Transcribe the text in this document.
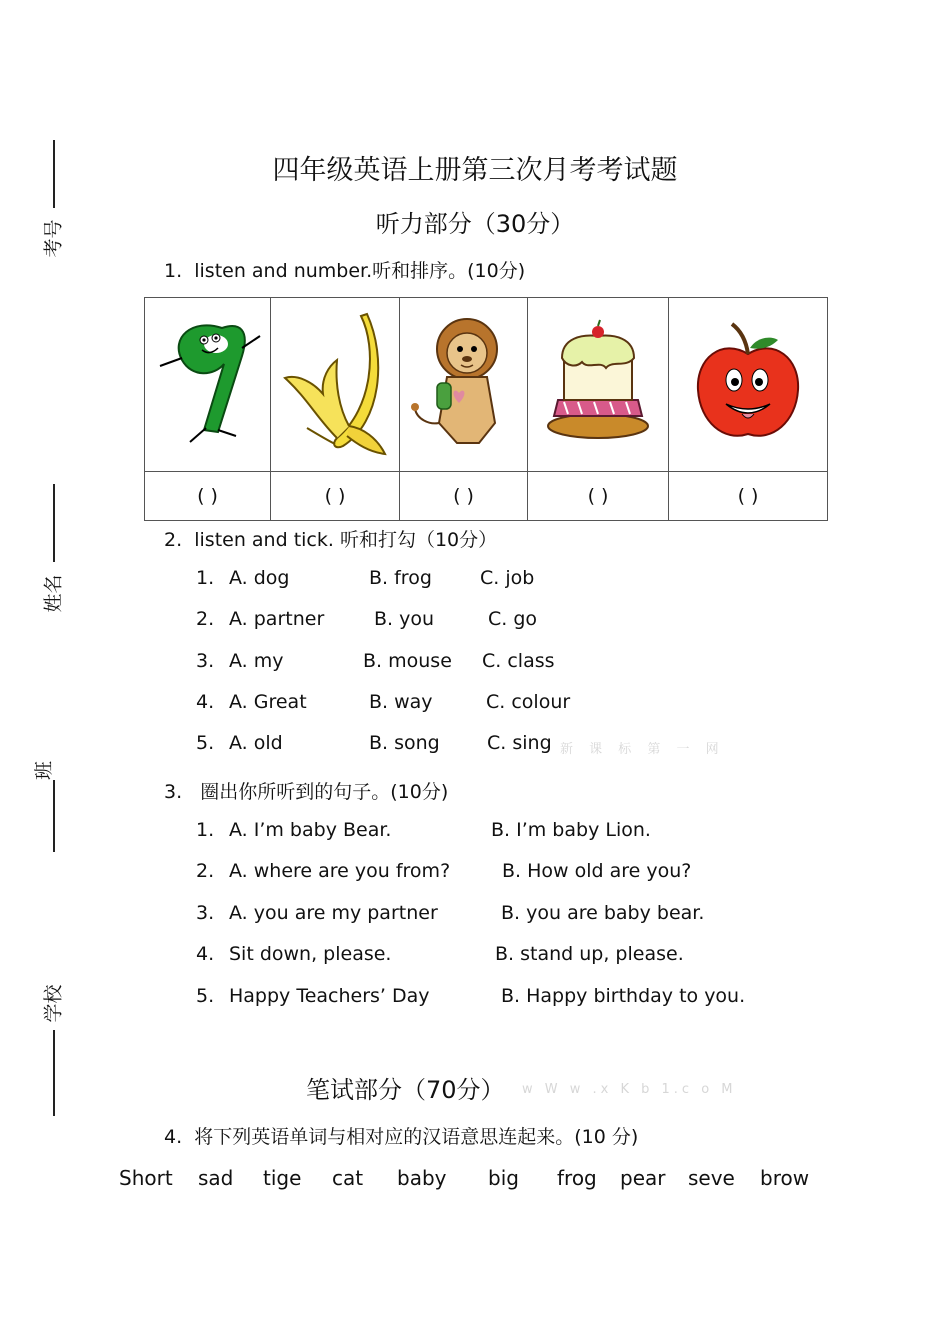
考号
姓名
班
学校
四年级英语上册第三次月考考试题
听力部分（30分）
1. listen and number.听和排序。(10分)

( )	( )	( )	( )	( )
2. listen and tick. 听和打勾（10分）
1. A. dog	B. frog	C. job
2. A. partner	B. you	C. go
3. A. my	B. mouse C. class
4. A. Great	B. way	C. colour
5. A. old	B. song C. sing 新 课 标 第 一 网
3. 圈出你所听到的句子。(10分)
1. A. I’m baby Bear.	B. I’m baby Lion.
2. A. where are you from?	B. How old are you?
3. A. you are my partner	B. you are baby bear.
4. Sit down, please.	B. stand up, please.
5. Happy Teachers’ Day	B. Happy birthday to you.
笔试部分（70分） w W w .x K b 1.c o M
4. 将下列英语单词与相对应的汉语意思连起来。(10 分)
Short sad tige cat baby big frog pear seve brow
